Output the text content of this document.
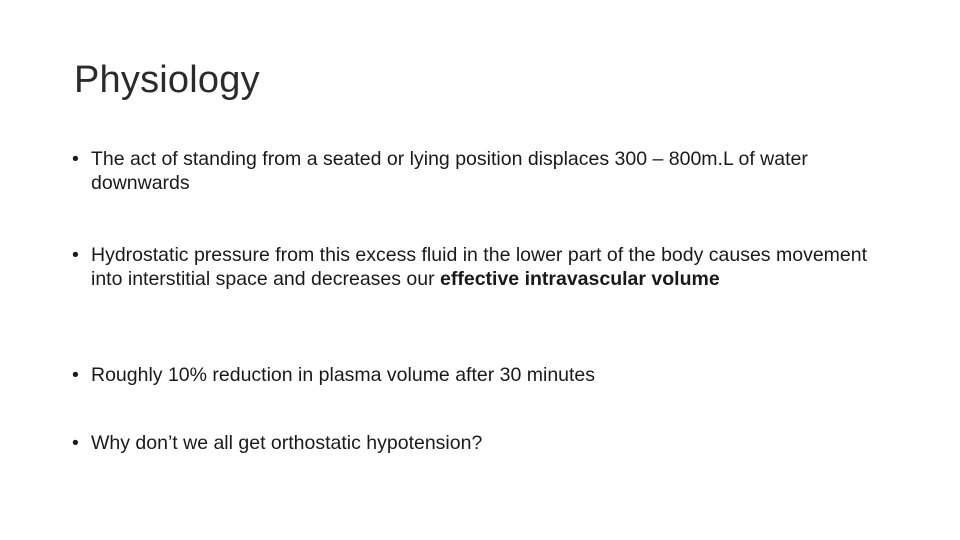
Physiology
• The act of standing from a seated or lying position displaces 300 – 800m.L of water downwards
• Hydrostatic pressure from this excess fluid in the lower part of the body causes movement into interstitial space and decreases our effective intravascular volume
• Roughly 10% reduction in plasma volume after 30 minutes
• Why don’t we all get orthostatic hypotension?
